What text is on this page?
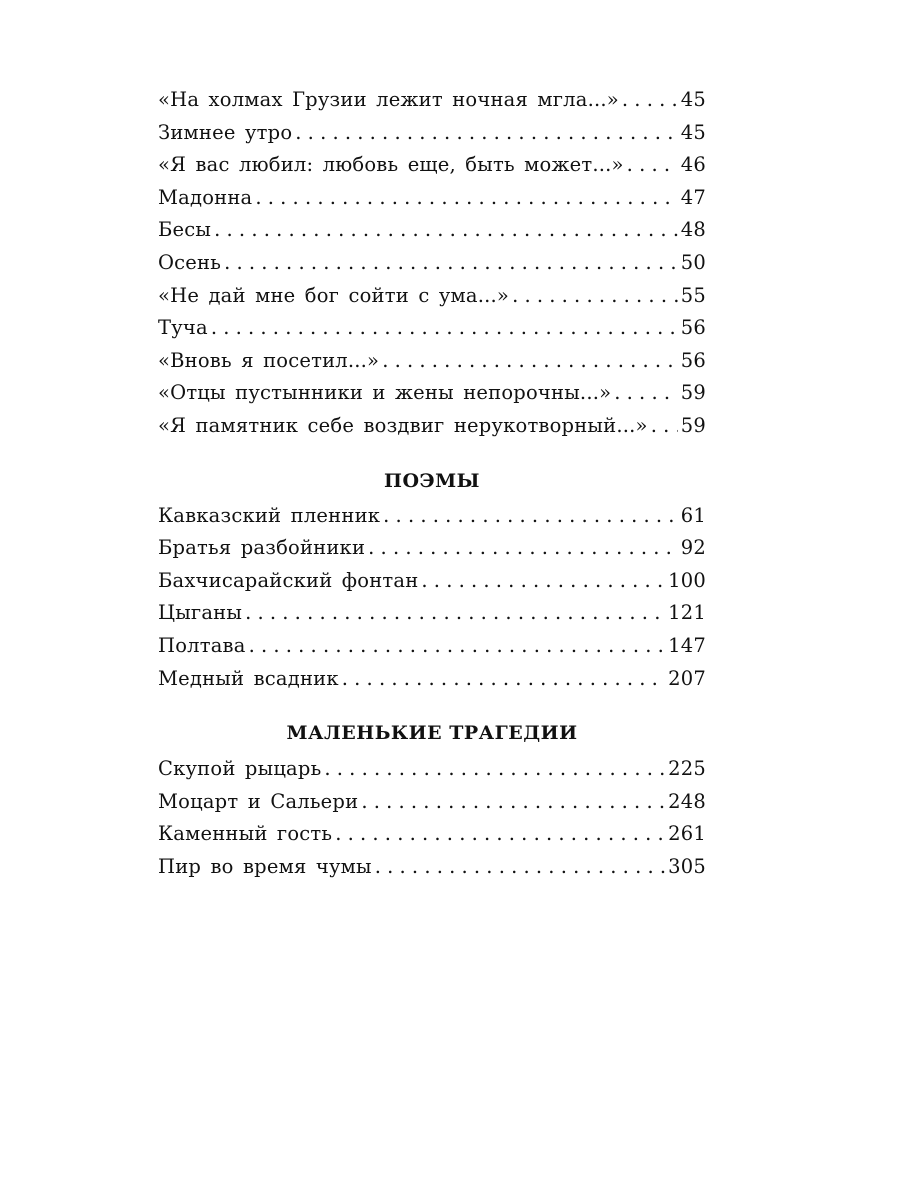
«На холмах Грузии лежит ночная мгла...» . . .	45
Зимнее утро . . .	45
«Я вас любил: любовь еще, быть может...» . . .	46
Мадонна . . .	47
Бесы . . .	48
Осень . . .	50
«Не дай мне бог сойти с ума...» . . .	55
Туча . . .	56
«Вновь я посетил...» . . .	56
«Отцы пустынники и жены непорочны...» . . .	59
«Я памятник себе воздвиг нерукотворный...» . . . 59
ПОЭМЫ
Кавказский пленник . . .	61
Братья разбойники . . .	92
Бахчисарайский фонтан . . .	100
Цыганы . . .	121
Полтава . . .	147
Медный всадник . . .	207
МАЛЕНЬКИЕ ТРАГЕДИИ
Скупой рыцарь . . .	225
Моцарт и Сальери . . .	248
Каменный гость . . .	261
Пир во время чумы . . .	305
